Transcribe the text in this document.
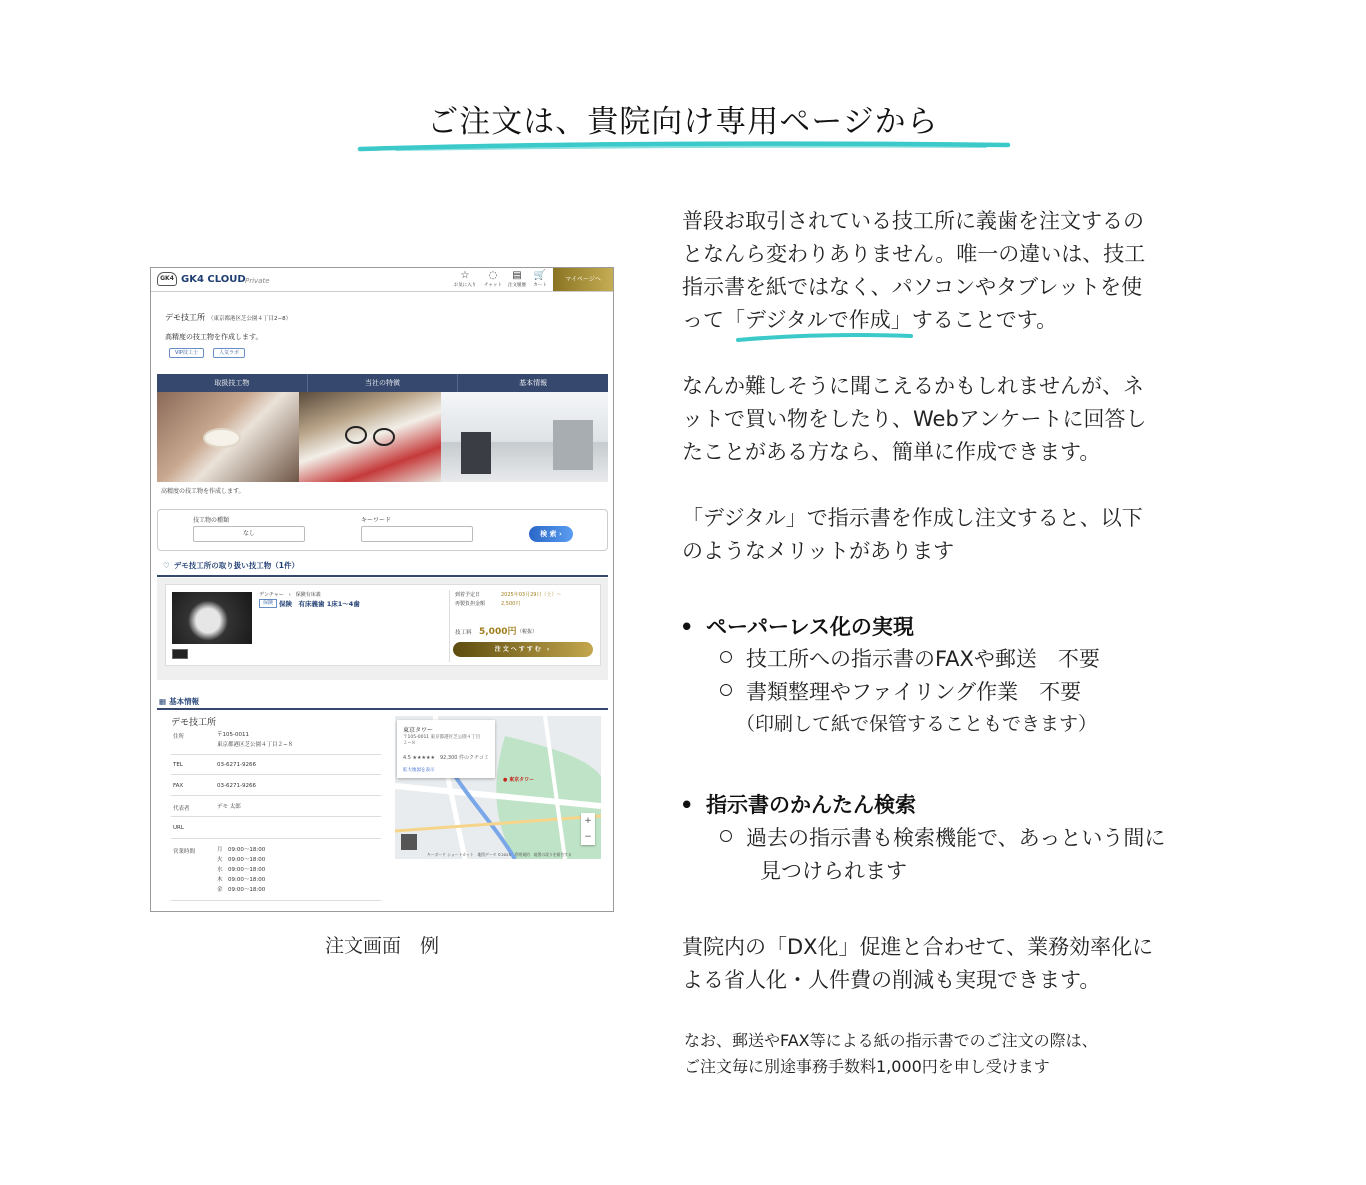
ご注文は、貴院向け専用ページから
普段お取引されている技工所に義歯を注文するの
となんら変わりありません。唯一の違いは、技工
指示書を紙ではなく、パソコンやタブレットを使
って「デジタルで作成
」することです。
なんか難しそうに聞こえるかもしれませんが、ネ
ットで買い物をしたり、Webアンケートに回答し
たことがある方なら、簡単に作成できます。
「デジタル」で指示書を作成し注文すると、以下
のようなメリットがあります
• ペーパーレス化の実現
技工所への指示書のFAXや郵送　不要
書類整理やファイリング作業　不要
（印刷して紙で保管することもできます）
• 指示書のかんたん検索
過去の指示書も検索機能で、あっという間に
見つけられます
貴院内の「DX化」促進と合わせて、業務効率化に
よる省人化・人件費の削減も実現できます。
なお、郵送やFAX等による紙の指示書でのご注文の際は、
ご注文毎に別途事務手数料1,000円を申し受けます
注文画面　例
GK4 GK4 CLOUD Private	☆
お気に入り
◌
チャット
▤
注文履歴
🛒
カート
マイページへ
デモ技工所 （東京都港区芝公園４丁目2−8）
高精度の技工物を作成します。
VIP技工士	人気ラボ
取扱技工物	当社の特徴	基本情報
高精度の技工物を作成します。
技工物の種類
なし
キーワード
検 索 ›
♡ デモ技工所の取り扱い技工物（1件）
デンチャー　›　保険有床義
保険 保険　有床義歯 1床1〜4歯
到着予定日	2025年03月29日（土）〜
再製負担金額	2,500円
技工料 5,000円 （税抜）
注文へすすむ ›
▦ 基本情報
デモ技工所
住所	〒105-0011
東京都港区芝公園４丁目２−８
TEL	03-6271-9266
FAX	03-6271-9266
代表者	デモ 太郎
URL
営業時間	月　09:00〜18:00
火　09:00〜18:00
水　09:00〜18:00
木　09:00〜18:00
金　09:00〜18:00
東京タワー
〒105-0011 東京都港区芝公園４丁目
２−８
4.5 ★★★★★　92,300 件のクチコミ
拡大地図を表示
● 東京タワー
+
−
キーボード ショートカット　地図データ ©2025　利用規約　地図の誤りを報告する
